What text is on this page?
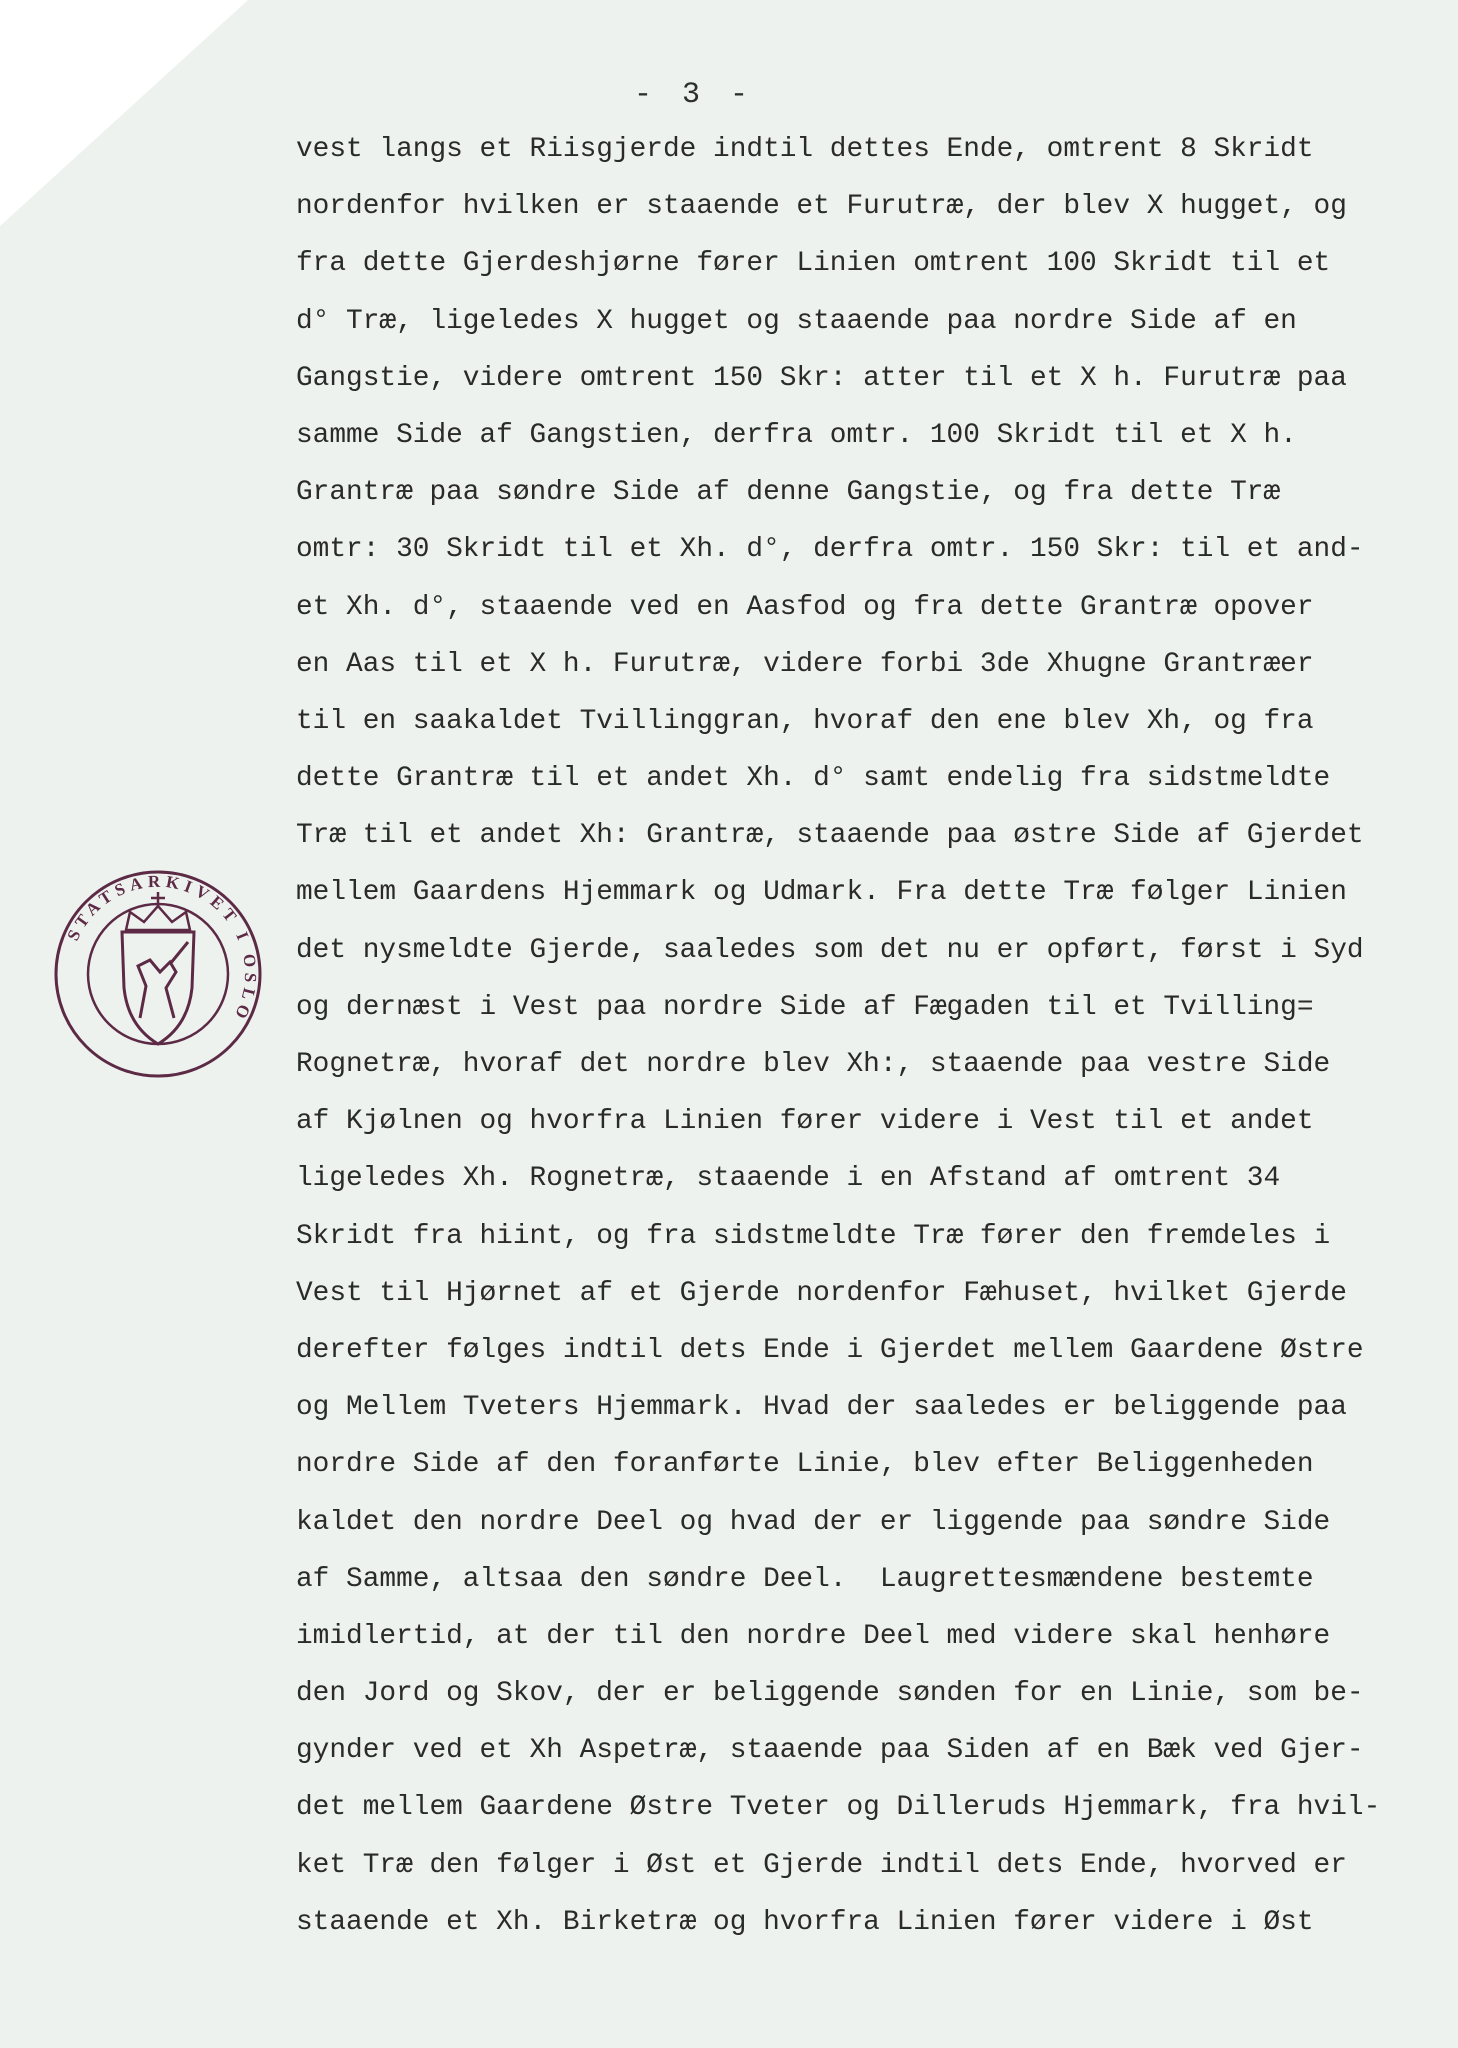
- 3 -
vest langs et Riisgjerde indtil dettes Ende, omtrent 8 Skridt
nordenfor hvilken er staaende et Furutræ, der blev X hugget, og
fra dette Gjerdeshjørne fører Linien omtrent 100 Skridt til et
d° Træ, ligeledes X hugget og staaende paa nordre Side af en
Gangstie, videre omtrent 150 Skr: atter til et X h. Furutræ paa
samme Side af Gangstien, derfra omtr. 100 Skridt til et X h.
Grantræ paa søndre Side af denne Gangstie, og fra dette Træ
omtr: 30 Skridt til et Xh. d°, derfra omtr. 150 Skr: til et and-
et Xh. d°, staaende ved en Aasfod og fra dette Grantræ opover
en Aas til et X h. Furutræ, videre forbi 3de Xhugne Grantræer
til en saakaldet Tvillinggran, hvoraf den ene blev Xh, og fra
dette Grantræ til et andet Xh. d° samt endelig fra sidstmeldte
Træ til et andet Xh: Grantræ, staaende paa østre Side af Gjerdet
mellem Gaardens Hjemmark og Udmark. Fra dette Træ følger Linien
det nysmeldte Gjerde, saaledes som det nu er opført, først i Syd
og dernæst i Vest paa nordre Side af Fægaden til et Tvilling=
Rognetræ, hvoraf det nordre blev Xh:, staaende paa vestre Side
af Kjølnen og hvorfra Linien fører videre i Vest til et andet
ligeledes Xh. Rognetræ, staaende i en Afstand af omtrent 34
Skridt fra hiint, og fra sidstmeldte Træ fører den fremdeles i
Vest til Hjørnet af et Gjerde nordenfor Fæhuset, hvilket Gjerde
derefter følges indtil dets Ende i Gjerdet mellem Gaardene Østre
og Mellem Tveters Hjemmark. Hvad der saaledes er beliggende paa
nordre Side af den foranførte Linie, blev efter Beliggenheden
kaldet den nordre Deel og hvad der er liggende paa søndre Side
af Samme, altsaa den søndre Deel.  Laugrettesmændene bestemte
imidlertid, at der til den nordre Deel med videre skal henhøre
den Jord og Skov, der er beliggende sønden for en Linie, som be-
gynder ved et Xh Aspetræ, staaende paa Siden af en Bæk ved Gjer-
det mellem Gaardene Østre Tveter og Dilleruds Hjemmark, fra hvil-
ket Træ den følger i Øst et Gjerde indtil dets Ende, hvorved er
staaende et Xh. Birketræ og hvorfra Linien fører videre i Øst
STATSARKIVET I OSLO
